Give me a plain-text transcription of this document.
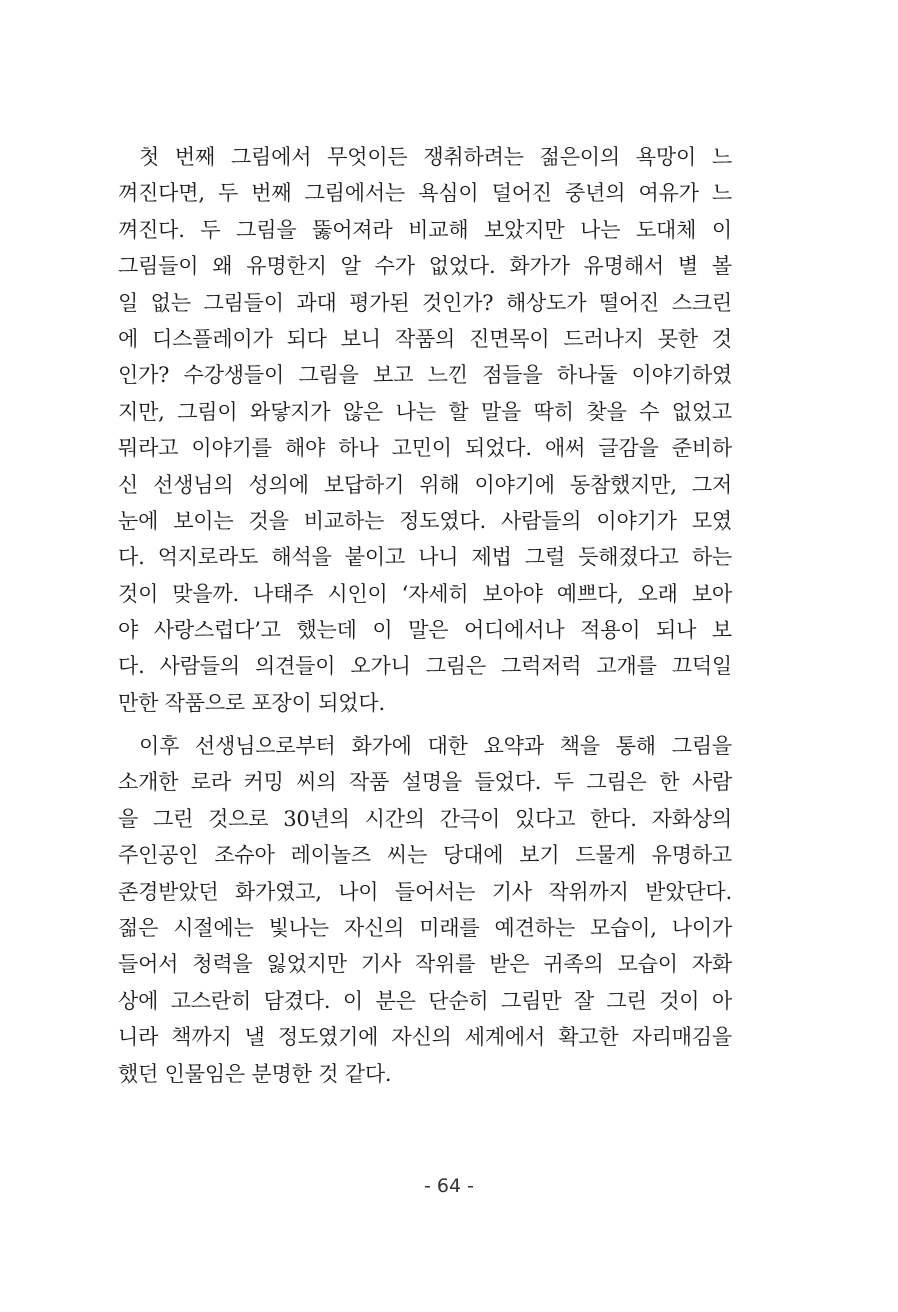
첫 번째 그림에서 무엇이든 쟁취하려는 젊은이의 욕망이 느
껴진다면, 두 번째 그림에서는 욕심이 덜어진 중년의 여유가 느
껴진다. 두 그림을 뚫어져라 비교해 보았지만 나는 도대체 이
그림들이 왜 유명한지 알 수가 없었다. 화가가 유명해서 별 볼
일 없는 그림들이 과대 평가된 것인가? 해상도가 떨어진 스크린
에 디스플레이가 되다 보니 작품의 진면목이 드러나지 못한 것
인가? 수강생들이 그림을 보고 느낀 점들을 하나둘 이야기하였
지만, 그림이 와닿지가 않은 나는 할 말을 딱히 찾을 수 없었고
뭐라고 이야기를 해야 하나 고민이 되었다. 애써 글감을 준비하
신 선생님의 성의에 보답하기 위해 이야기에 동참했지만, 그저
눈에 보이는 것을 비교하는 정도였다. 사람들의 이야기가 모였
다. 억지로라도 해석을 붙이고 나니 제법 그럴 듯해졌다고 하는
것이 맞을까. 나태주 시인이 ‘자세히 보아야 예쁘다, 오래 보아
야 사랑스럽다’고 했는데 이 말은 어디에서나 적용이 되나 보
다. 사람들의 의견들이 오가니 그림은 그럭저럭 고개를 끄덕일
만한 작품으로 포장이 되었다.
이후 선생님으로부터 화가에 대한 요약과 책을 통해 그림을
소개한 로라 커밍 씨의 작품 설명을 들었다. 두 그림은 한 사람
을 그린 것으로 30년의 시간의 간극이 있다고 한다. 자화상의
주인공인 조슈아 레이놀즈 씨는 당대에 보기 드물게 유명하고
존경받았던 화가였고, 나이 들어서는 기사 작위까지 받았단다.
젊은 시절에는 빛나는 자신의 미래를 예견하는 모습이, 나이가
들어서 청력을 잃었지만 기사 작위를 받은 귀족의 모습이 자화
상에 고스란히 담겼다. 이 분은 단순히 그림만 잘 그린 것이 아
니라 책까지 낼 정도였기에 자신의 세계에서 확고한 자리매김을
했던 인물임은 분명한 것 같다.
- 64 -
